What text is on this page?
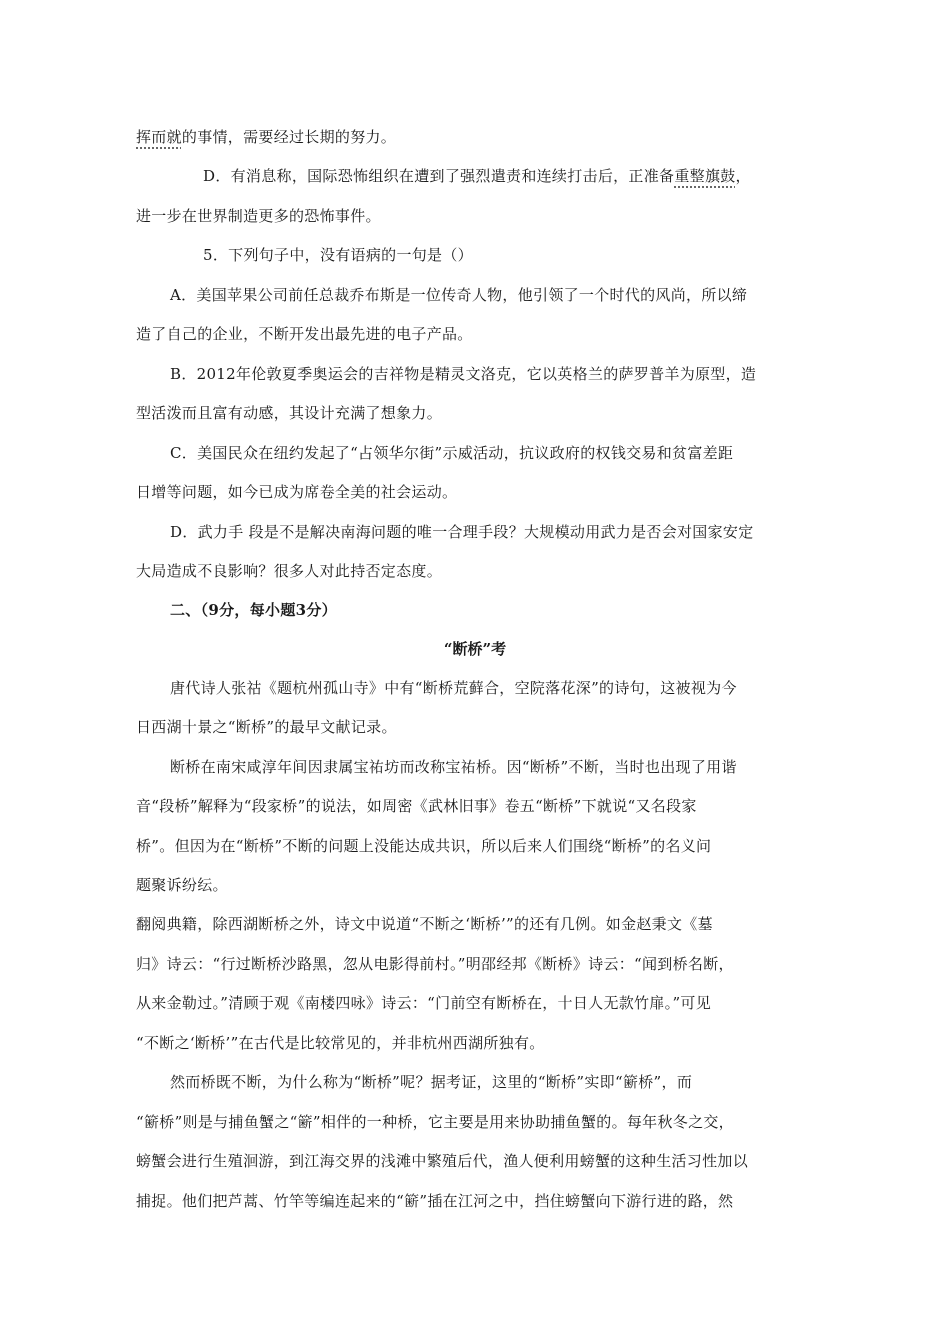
挥而就的事情，需要经过长期的努力。
D．有消息称，国际恐怖组织在遭到了强烈遣责和连续打击后，正准备重整旗鼓，
进一步在世界制造更多的恐怖事件。
5．下列句子中，没有语病的一句是（）
A．美国苹果公司前任总裁乔布斯是一位传奇人物，他引领了一个时代的风尚，所以缔
造了自己的企业，不断开发出最先进的电子产品。
B．2012年伦敦夏季奥运会的吉祥物是精灵文洛克，它以英格兰的萨罗普羊为原型，造
型活泼而且富有动感，其设计充满了想象力。
C．美国民众在纽约发起了“占领华尔街”示威活动，抗议政府的权钱交易和贫富差距
日增等问题，如今已成为席卷全美的社会运动。
D．武力手 段是不是解决南海问题的唯一合理手段？大规模动用武力是否会对国家安定
大局造成不良影响？很多人对此持否定态度。
二、（9分，每小题3分）
“断桥”考
唐代诗人张祜《题杭州孤山寺》中有“断桥荒藓合，空院落花深”的诗句，这被视为今
日西湖十景之“断桥”的最早文献记录。
断桥在南宋咸淳年间因隶属宝祐坊而改称宝祐桥。因“断桥”不断，当时也出现了用谐
音“段桥”解释为“段家桥”的说法，如周密《武林旧事》卷五“断桥”下就说“又名段家
桥”。但因为在“断桥”不断的问题上没能达成共识，所以后来人们围绕“断桥”的名义问
题聚诉纷纭。
翻阅典籍，除西湖断桥之外，诗文中说道“不断之‘断桥’”的还有几例。如金赵秉文《墓
归》诗云：“行过断桥沙路黑，忽从电影得前村。”明邵经邦《断桥》诗云：“闻到桥名断，
从来金勒过。”清顾于观《南楼四咏》诗云：“门前空有断桥在，十日人无款竹扉。”可见
“不断之‘断桥’”在古代是比较常见的，并非杭州西湖所独有。
然而桥既不断，为什么称为“断桥”呢？据考证，这里的“断桥”实即“簖桥”，而
“簖桥”则是与捕鱼蟹之“簖”相伴的一种桥，它主要是用来协助捕鱼蟹的。每年秋冬之交，
螃蟹会进行生殖洄游，到江海交界的浅滩中繁殖后代，渔人便利用螃蟹的这种生活习性加以
捕捉。他们把芦蒿、竹竿等编连起来的“簖”插在江河之中，挡住螃蟹向下游行进的路，然
